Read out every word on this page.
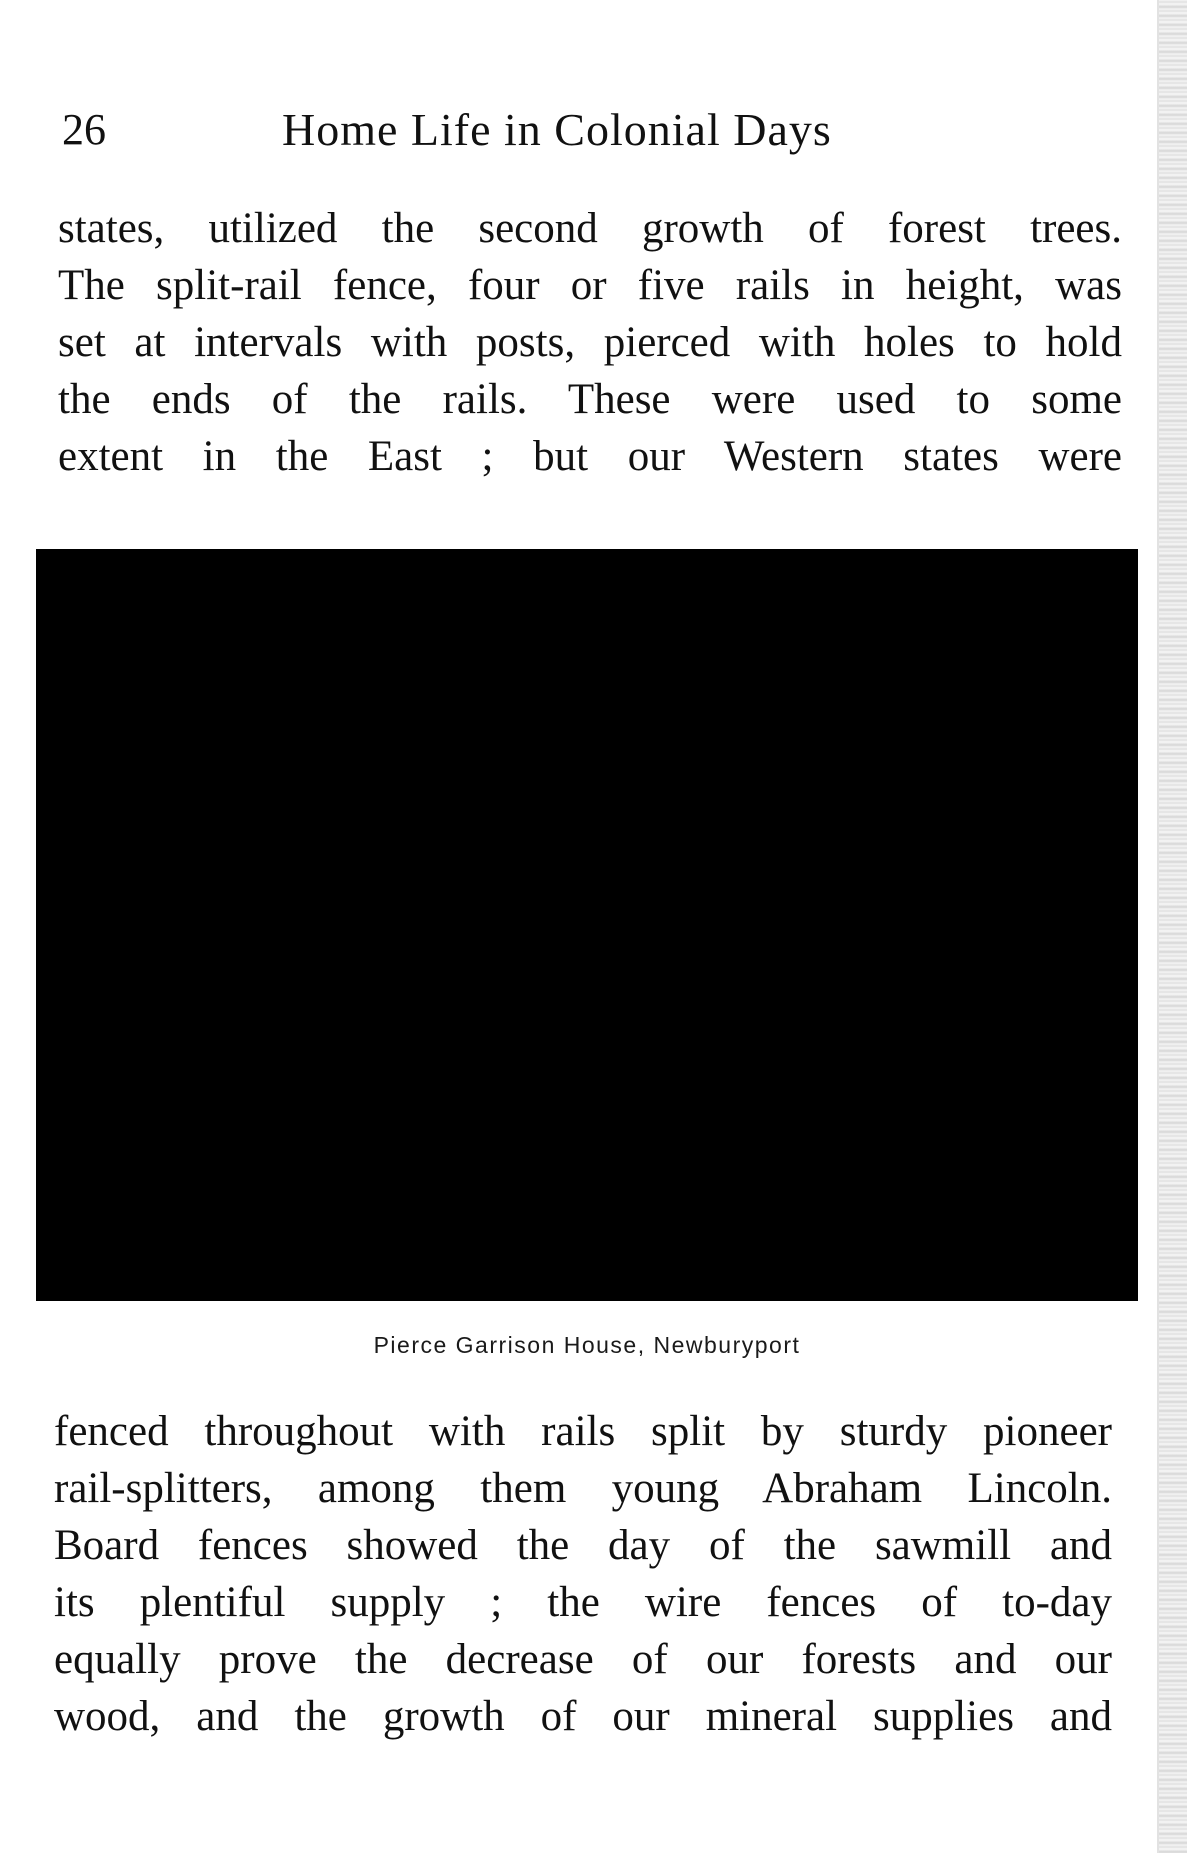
26	Home Life in Colonial Days
states, utilized the second growth of forest trees.
The split-rail fence, four or five rails in height, was
set at intervals with posts, pierced with holes to hold
the ends of the rails. These were used to some
extent in the East ; but our Western states were
Pierce Garrison House, Newburyport
fenced throughout with rails split by sturdy pioneer
rail-splitters, among them young Abraham Lincoln.
Board fences showed the day of the sawmill and
its plentiful supply ; the wire fences of to-day
equally prove the decrease of our forests and our
wood, and the growth of our mineral supplies and
